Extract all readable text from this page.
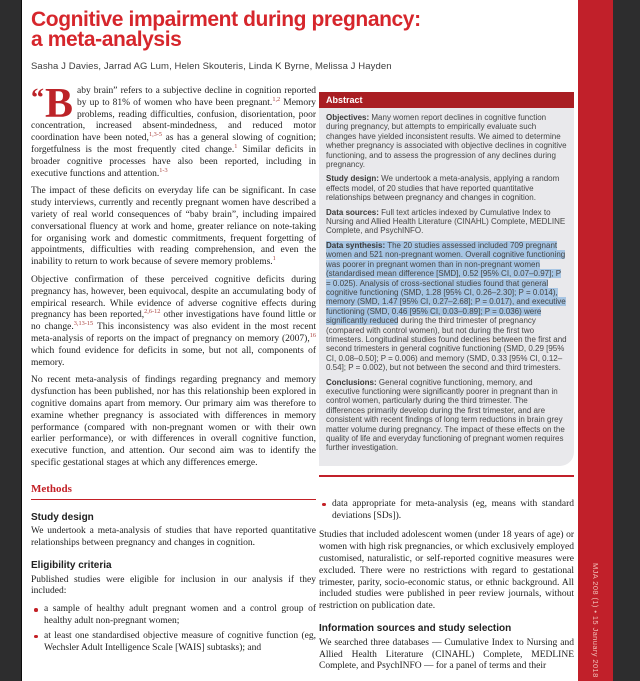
Cognitive impairment during pregnancy:
a meta-analysis
Sasha J Davies, Jarrad AG Lum, Helen Skouteris, Linda K Byrne, Melissa J Hayden

“ B aby brain” refers to a subjective decline in cognition reported by up to 81% of women who have been pregnant.$^{1,2}$ Memory problems, reading difficulties, confusion, disorientation, poor concentration, increased absent-mindedness, and reduced motor coordination have been noted,$^{1,3-5}$ as has a general slowing of cognition; forgetfulness is the most frequently cited change.$^1$ Similar deficits in broader cognitive processes have also been reported, including in executive functions and attention.$^{1-3}$

The impact of these deficits on everyday life can be significant. In case study interviews, currently and recently pregnant women have described a variety of real world consequences of “baby brain”, including impaired conversational fluency at work and home, greater reliance on note-taking for organising work and domestic commitments, frequent forgetting of appointments, difficulties with reading comprehension, and even the inability to return to work because of severe memory problems.$^1$

Objective confirmation of these perceived cognitive deficits during pregnancy has, however, been equivocal, despite an accumulating body of empirical research. While evidence of adverse cognitive effects during pregnancy has been reported,$^{2,6-12}$ other investigations have found little or no change.$^{3,13-15}$ This inconsistency was also evident in the most recent meta-analysis of reports on the impact of pregnancy on memory (2007),$^{16}$ which found evidence for deficits in some, but not all, components of memory.

No recent meta-analysis of findings regarding pregnancy and memory dysfunction has been published, nor has this relationship been explored in cognitive domains apart from memory. Our primary aim was therefore to examine whether pregnancy is associated with differences in memory performance (compared with non-pregnant women or with their own earlier performance), or with differences in overall cognitive function, executive function, and attention. Our second aim was to identify the specific gestational stages at which any differences emerge.

Methods
Study design

We undertook a meta-analysis of studies that have reported quantitative relationships between pregnancy and changes in cognition.

Eligibility criteria

Published studies were eligible for inclusion in our analysis if they included:

a sample of healthy adult pregnant women and a control group of healthy adult non-pregnant women;
at least one standardised objective measure of cognitive function (eg, Wechsler Adult Intelligence Scale [WAIS] subtasks); and
Abstract
Objectives: Many women report declines in cognitive function during pregnancy, but attempts to empirically evaluate such changes have yielded inconsistent results. We aimed to determine whether pregnancy is associated with objective declines in cognitive functioning, and to assess the progression of any declines during pregnancy.
Study design: We undertook a meta-analysis, applying a random effects model, of 20 studies that have reported quantitative relationships between pregnancy and changes in cognition.
Data sources: Full text articles indexed by Cumulative Index to Nursing and Allied Health Literature (CINAHL) Complete, MEDLINE Complete, and PsychINFO.
Data synthesis: The 20 studies assessed included 709 pregnant women and 521 non-pregnant women. Overall cognitive functioning was poorer in pregnant women than in non-pregnant women (standardised mean difference [SMD], 0.52 [95% CI, 0.07–0.97]; P = 0.025). Analysis of cross-sectional studies found that general cognitive functioning (SMD, 1.28 [95% CI, 0.26–2.30]; P = 0.014), memory (SMD, 1.47 [95% CI, 0.27–2.68]; P = 0.017), and executive functioning (SMD, 0.46 [95% CI, 0.03–0.89]; P = 0.036) were significantly reduced during the third trimester of pregnancy (compared with control women), but not during the first two trimesters. Longitudinal studies found declines between the first and second trimesters in general cognitive functioning (SMD, 0.29 [95% CI, 0.08–0.50]; P = 0.006) and memory (SMD, 0.33 [95% CI, 0.12–0.54]; P = 0.002), but not between the second and third trimesters.
Conclusions: General cognitive functioning, memory, and executive functioning were significantly poorer in pregnant than in control women, particularly during the third trimester. The differences primarily develop during the first trimester, and are consistent with recent findings of long term reductions in brain grey matter volume during pregnancy. The impact of these effects on the quality of life and everyday functioning of pregnant women requires further investigation.
data appropriate for meta-analysis (eg, means with standard deviations [SDs]).

Studies that included adolescent women (under 18 years of age) or women with high risk pregnancies, or which exclusively employed customised, naturalistic, or self-reported cognitive measures were excluded. There were no restrictions with regard to gestational trimester, parity, socio-economic status, or ethnic background. All included studies were published in peer review journals, without restriction on publication date.

Information sources and study selection

We searched three databases — Cumulative Index to Nursing and Allied Health Literature (CINAHL) Complete, MEDLINE Complete, and PsychINFO — for a panel of terms and their	MJA 208 (1) • 15 January 2018
